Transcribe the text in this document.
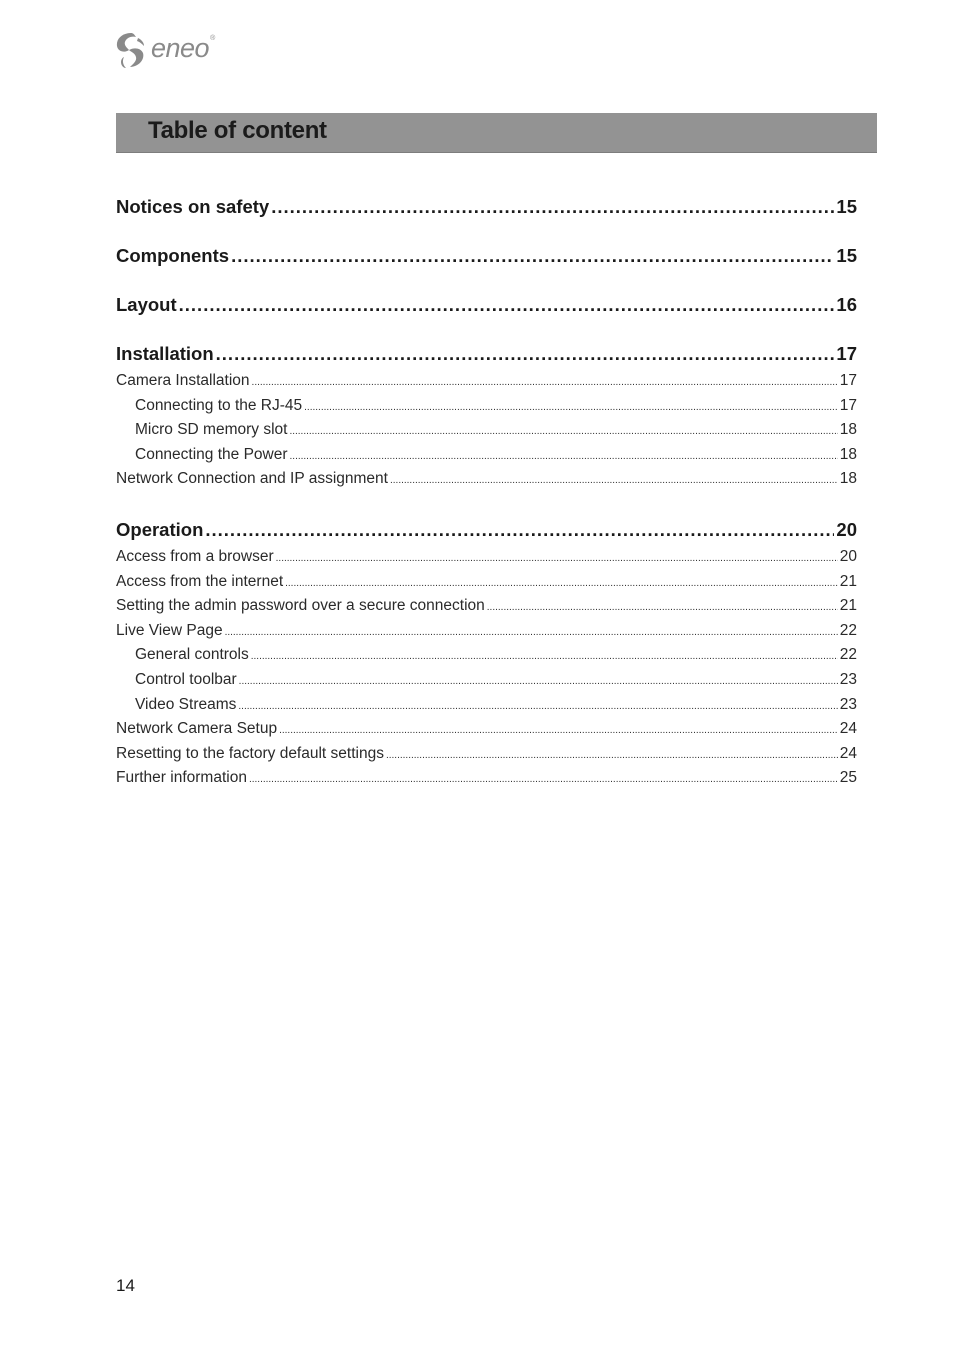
eneo ®
Table of content
Notices on safety .....	15
Components .....	15
Layout .....	16
Installation .....	17
Camera Installation .....	17
Connecting to the RJ-45 .....	17
Micro SD memory slot .....	18
Connecting the Power .....	18
Network Connection and IP assignment .....	18
Operation .....	20
Access from a browser .....	20
Access from the internet .....	21
Setting the admin password over a secure connection .....	21
Live View Page .....	22
General controls .....	22
Control toolbar .....	23
Video Streams .....	23
Network Camera Setup .....	24
Resetting to the factory default settings .....	24
Further information .....	25
14
